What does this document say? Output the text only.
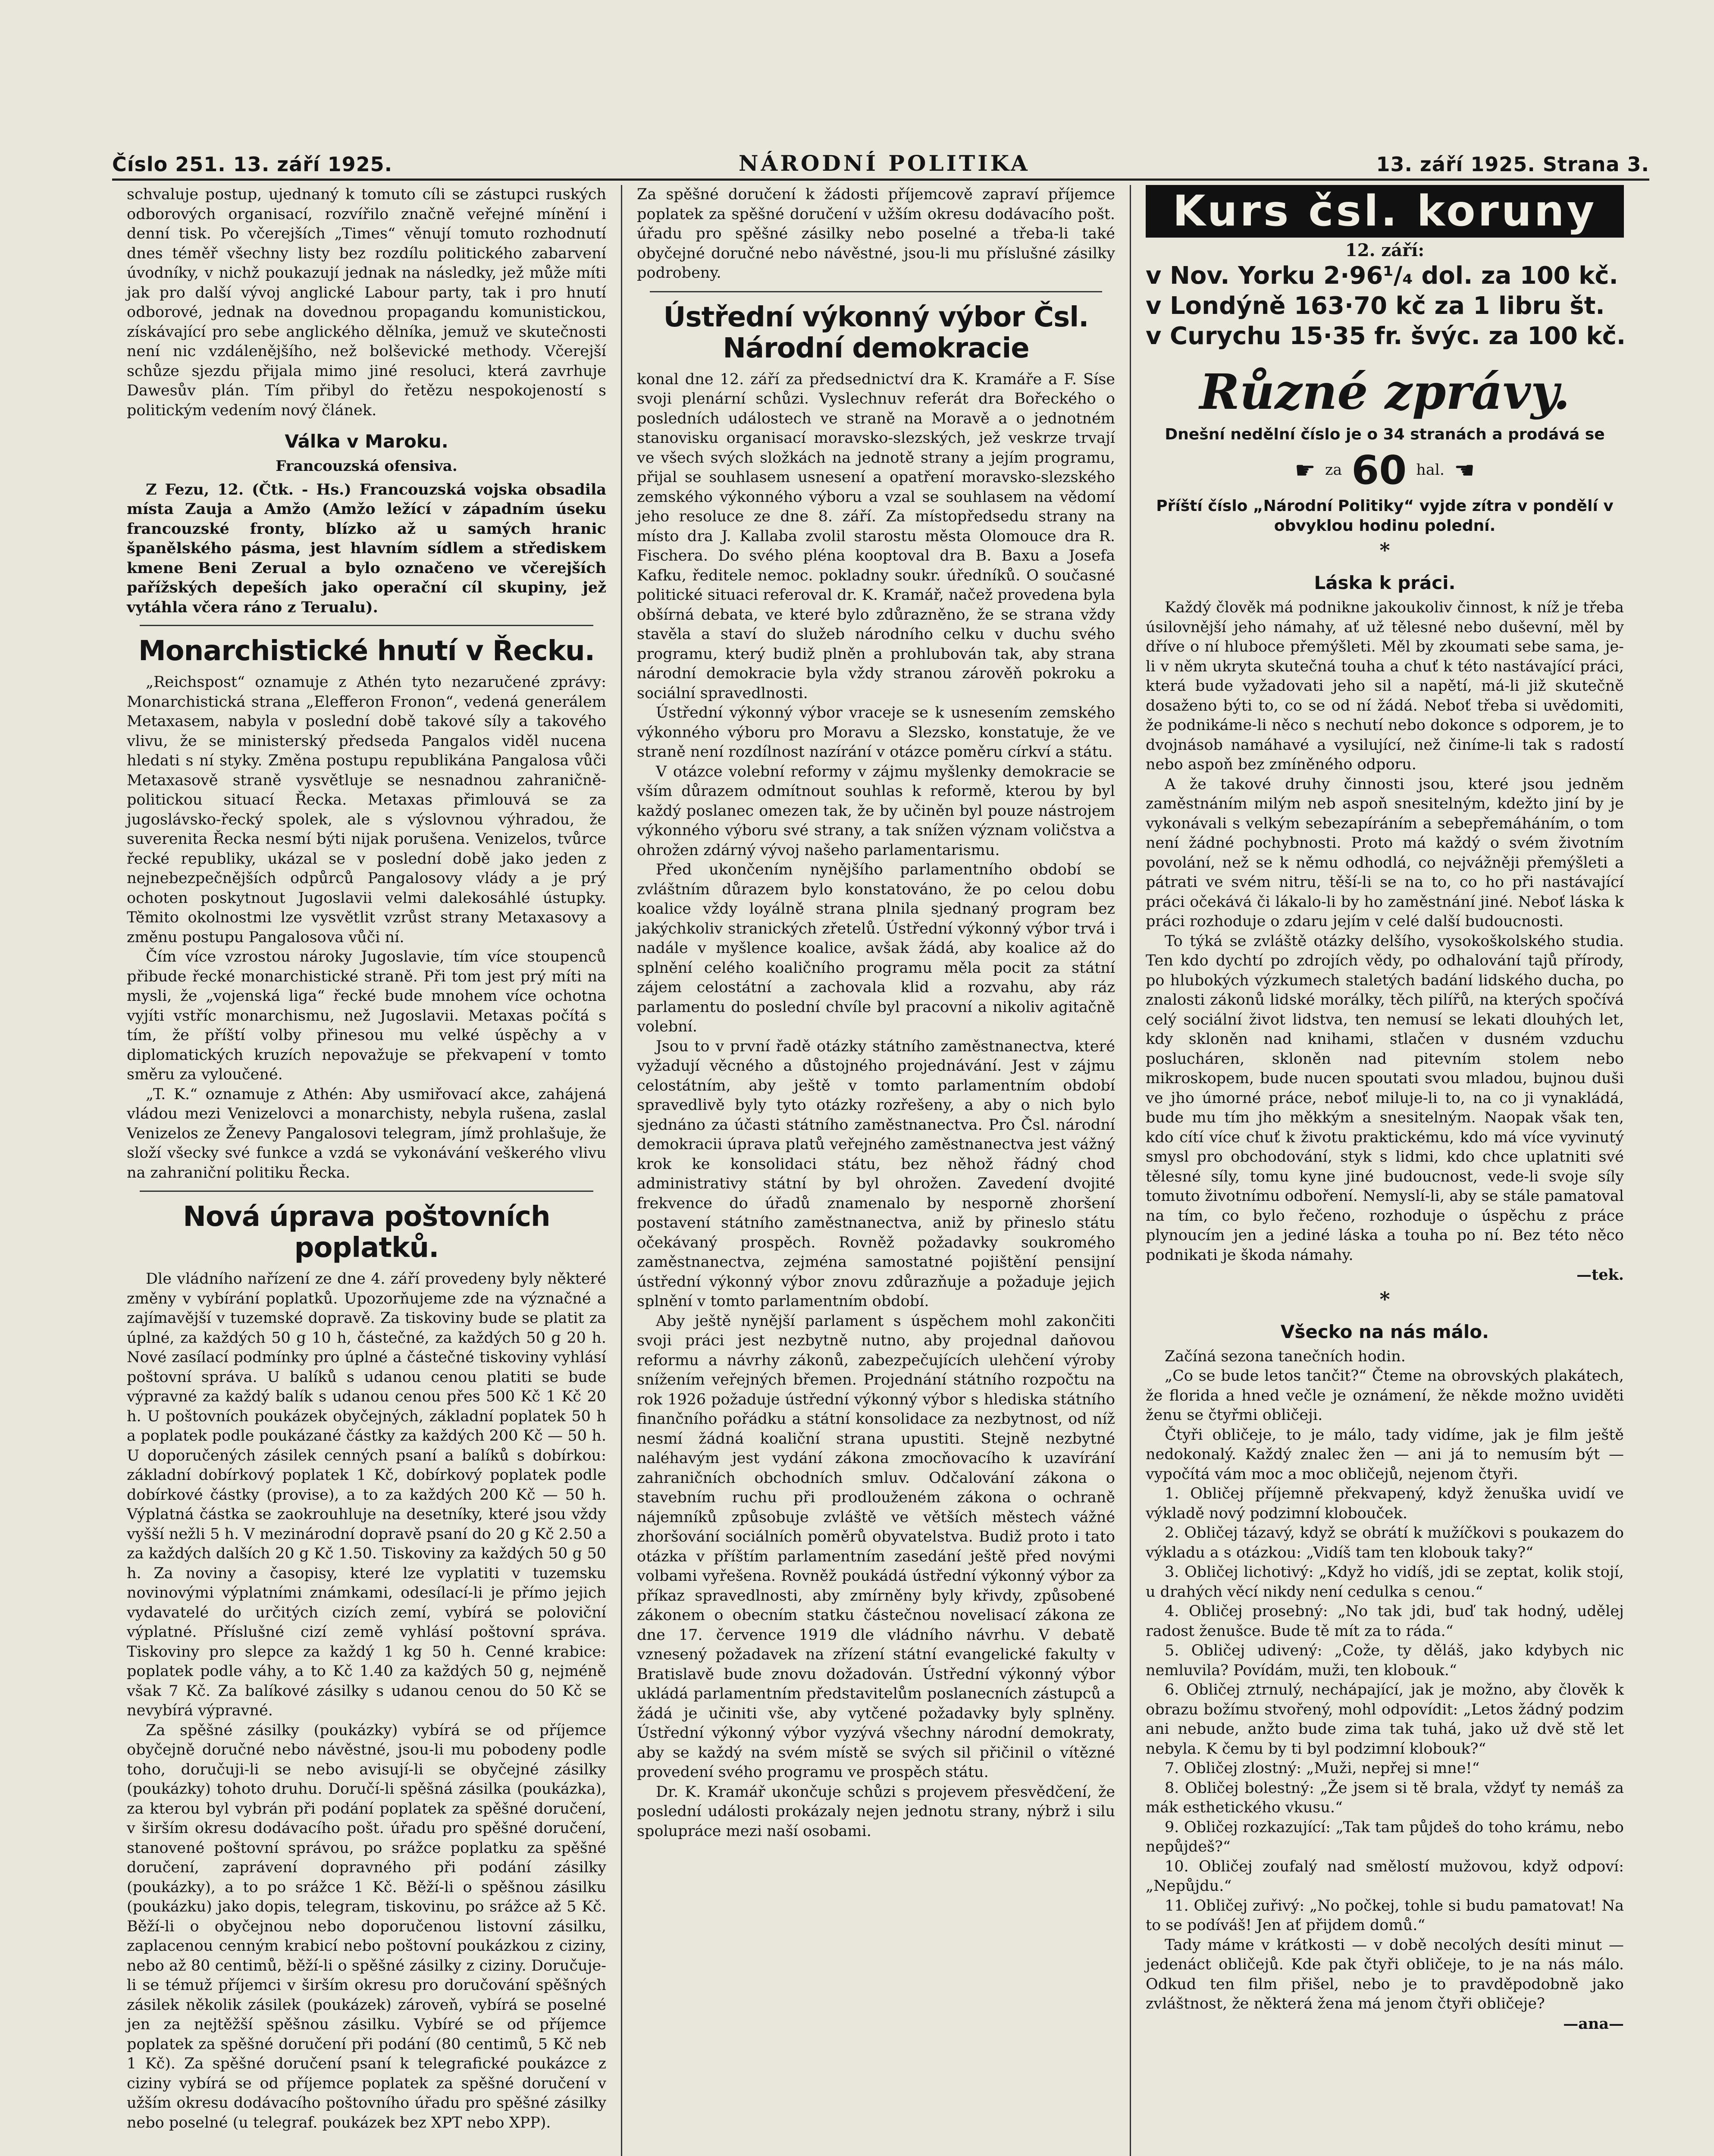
Číslo 251. 13. září 1925.	NÁRODNÍ POLITIKA	13. září 1925. Strana 3.

schvaluje postup, ujednaný k tomuto cíli se zástupci ruských odborových organisací, rozvířilo značně veřejné mínění i denní tisk. Po včerejších „Times“ věnují tomuto rozhodnutí dnes téměř všechny listy bez rozdílu politického zabarvení úvodníky, v nichž poukazují jednak na následky, jež může míti jak pro další vývoj anglické Labour party, tak i pro hnutí odborové, jednak na dovednou propagandu komunistickou, získávající pro sebe anglického dělníka, jemuž ve skutečnosti není nic vzdálenějšího, než bolševické methody. Včerejší schůze sjezdu přijala mimo jiné resoluci, která zavrhuje Dawesův plán. Tím přibyl do řetězu nespokojeností s politickým vedením nový článek.

Válka v Maroku.
Francouzská ofensiva.

Z Fezu, 12. (Čtk. - Hs.) Francouzská vojska obsadila místa Zauja a Amžo (Amžo ležící v západním úseku francouzské fronty, blízko až u samých hranic španělského pásma, jest hlavním sídlem a střediskem kmene Beni Zerual a bylo označeno ve včerejších pařížských depeších jako operační cíl skupiny, jež vytáhla včera ráno z Terualu).

Monarchistické hnutí v Řecku.

„Reichspost“ oznamuje z Athén tyto nezaručené zprávy: Monarchistická strana „Elefferon Fronon“, vedená generálem Metaxasem, nabyla v poslední době takové síly a takového vlivu, že se ministerský předseda Pangalos viděl nucena hledati s ní styky. Změna postupu republikána Pangalosa vůči Metaxasově straně vysvětluje se nesnadnou zahraničně-politickou situací Řecka. Metaxas přimlouvá se za jugoslávsko-řecký spolek, ale s výslovnou výhradou, že suverenita Řecka nesmí býti nijak porušena. Venizelos, tvůrce řecké republiky, ukázal se v poslední době jako jeden z nejnebezpečnějších odpůrců Pangalosovy vlády a je prý ochoten poskytnout Jugoslavii velmi dalekosáhlé ústupky. Těmito okolnostmi lze vysvětlit vzrůst strany Metaxasovy a změnu postupu Pangalosova vůči ní.

Čím více vzrostou nároky Jugoslavie, tím více stoupenců přibude řecké monarchistické straně. Při tom jest prý míti na mysli, že „vojenská liga“ řecké bude mnohem více ochotna vyjíti vstříc monarchismu, než Jugoslavii. Metaxas počítá s tím, že příští volby přinesou mu velké úspěchy a v diplomatických kruzích nepovažuje se překvapení v tomto směru za vyloučené.

„T. K.“ oznamuje z Athén: Aby usmiřovací akce, zahájená vládou mezi Venizelovci a monarchisty, nebyla rušena, zaslal Venizelos ze Ženevy Pangalosovi telegram, jímž prohlašuje, že složí všecky své funkce a vzdá se vykonávání veškerého vlivu na zahraniční politiku Řecka.

Nová úprava poštovních poplatků.

Dle vládního nařízení ze dne 4. září provedeny byly některé změny v vybírání poplatků. Upozorňujeme zde na význačné a zajímavější v tuzemské dopravě. Za tiskoviny bude se platit za úplné, za každých 50 g 10 h, částečné, za každých 50 g 20 h. Nové zasílací podmínky pro úplné a částečné tiskoviny vyhlásí poštovní správa. U balíků s udanou cenou platiti se bude výpravné za každý balík s udanou cenou přes 500 Kč 1 Kč 20 h. U poštovních poukázek obyčejných, základní poplatek 50 h a poplatek podle poukázané částky za každých 200 Kč — 50 h. U doporučených zásilek cenných psaní a balíků s dobírkou: základní dobírkový poplatek 1 Kč, dobírkový poplatek podle dobírkové částky (provise), a to za každých 200 Kč — 50 h. Výplatná částka se zaokrouhluje na desetníky, které jsou vždy vyšší nežli 5 h. V mezinárodní dopravě psaní do 20 g Kč 2.50 a za každých dalších 20 g Kč 1.50. Tiskoviny za každých 50 g 50 h. Za noviny a časopisy, které lze vyplatiti v tuzemsku novinovými výplatními známkami, odesílací-li je přímo jejich vydavatelé do určitých cizích zemí, vybírá se poloviční výplatné. Příslušné cizí země vyhlásí poštovní správa. Tiskoviny pro slepce za každý 1 kg 50 h. Cenné krabice: poplatek podle váhy, a to Kč 1.40 za každých 50 g, nejméně však 7 Kč. Za balíkové zásilky s udanou cenou do 50 Kč se nevybírá výpravné.

Za spěšné zásilky (poukázky) vybírá se od příjemce obyčejně doručné nebo návěstné, jsou-li mu pobodeny podle toho, doručuji-li se nebo avisují-li se obyčejné zásilky (poukázky) tohoto druhu. Doručí-li spěšná zásilka (poukázka), za kterou byl vybrán při podání poplatek za spěšné doručení, v širším okresu dodávacího pošt. úřadu pro spěšné doručení, stanovené poštovní správou, po srážce poplatku za spěšné doručení, zaprávení dopravného při podání zásilky (poukázky), a to po srážce 1 Kč. Běží-li o spěšnou zásilku (poukázku) jako dopis, telegram, tiskovinu, po srážce až 5 Kč. Běží-li o obyčejnou nebo doporučenou listovní zásilku, zaplacenou cenným krabicí nebo poštovní poukázkou z ciziny, nebo až 80 centimů, běží-li o spěšné zásilky z ciziny. Doručuje-li se témuž příjemci v širším okresu pro doručování spěšných zásilek několik zásilek (poukázek) zároveň, vybírá se poselné jen za nejtěžší spěšnou zásilku. Vybíré se od příjemce poplatek za spěšné doručení při podání (80 centimů, 5 Kč neb 1 Kč). Za spěšné doručení psaní k telegrafické poukázce z ciziny vybírá se od příjemce poplatek za spěšné doručení v užším okresu dodávacího poštovního úřadu pro spěšné zásilky nebo poselné (u telegraf. poukázek bez XPT nebo XPP).

Za spěšné doručení k žádosti příjemcově zapraví příjemce poplatek za spěšné doručení v užším okresu dodávacího pošt. úřadu pro spěšné zásilky nebo poselné a třeba-li také obyčejné doručné nebo návěstné, jsou-li mu příslušné zásilky podrobeny.

Ústřední výkonný výbor Čsl. Národní demokracie

konal dne 12. září za předsednictví dra K. Kramáře a F. Sísе svoji plenární schůzi. Vyslechnuv referát dra Bořeckého o posledních událostech ve straně na Moravě a o jednotném stanovisku organisací moravsko-slezských, jež veskrze trvají ve všech svých složkách na jednotě strany a jejím programu, přijal se souhlasem usnesení a opatření moravsko-slezského zemského výkonného výboru a vzal se souhlasem na vědomí jeho resoluce ze dne 8. září. Za místopředsedu strany na místo dra J. Kallaba zvolil starostu města Olomouce dra R. Fischera. Do svého pléna kooptoval dra B. Baxu a Josefa Kafku, ředitele nemoc. pokladny soukr. úředníků. O současné politické situaci referoval dr. K. Kramář, načež provedena byla obšírná debata, ve které bylo zdůrazněno, že se strana vždy stavěla a staví do služeb národního celku v duchu svého programu, který budiž plněn a prohlubován tak, aby strana národní demokracie byla vždy stranou zárověň pokroku a sociální spravedlnosti.

Ústřední výkonný výbor vraceje se k usnesením zemského výkonného výboru pro Moravu a Slezsko, konstatuje, že ve straně není rozdílnost nazírání v otázce poměru církví a státu.

V otázce volební reformy v zájmu myšlenky demokracie se vším důrazem odmítnout souhlas k reformě, kterou by byl každý poslanec omezen tak, že by učiněn byl pouze nástrojem výkonného výboru své strany, a tak snížen význam voličstva a ohrožen zdárný vývoj našeho parlamentarismu.

Před ukončením nynějšího parlamentního období se zvláštním důrazem bylo konstatováno, že po celou dobu koalice vždy loyálně strana plnila sjednaný program bez jakýchkoliv stranických zřetelů. Ústřední výkonný výbor trvá i nadále v myšlence koalice, avšak žádá, aby koalice až do splnění celého koaličního programu měla pocit za státní zájem celostátní a zachovala klid a rozvahu, aby ráz parlamentu do poslední chvíle byl pracovní a nikoliv agitačně volební.

Jsou to v první řadě otázky státního zaměstnanectva, které vyžadují věcného a důstojného projednávání. Jest v zájmu celostátním, aby ještě v tomto parlamentním období spravedlivě byly tyto otázky rozřešeny, a aby o nich bylo sjednáno za účasti státního zaměstnanectva. Pro Čsl. národní demokracii úprava platů veřejného zaměstnanectva jest vážný krok ke konsolidaci státu, bez něhož řádný chod administrativy státní by byl ohrožen. Zavedení dvojité frekvence do úřadů znamenalo by nesporně zhoršení postavení státního zaměstnanectva, aniž by přineslo státu očekávaný prospěch. Rovněž požadavky soukromého zaměstnanectva, zejména samostatné pojištění pensijní ústřední výkonný výbor znovu zdůrazňuje a požaduje jejich splnění v tomto parlamentním období.

Aby ještě nynější parlament s úspěchem mohl zakončiti svoji práci jest nezbytně nutno, aby projednal daňovou reformu a návrhy zákonů, zabezpečujících ulehčení výroby snížením veřejných břemen. Projednání státního rozpočtu na rok 1926 požaduje ústřední výkonný výbor s hlediska státního finančního pořádku a státní konsolidace za nezbytnost, od níž nesmí žádná koaliční strana upustiti. Stejně nezbytné naléhavým jest vydání zákona zmocňovacího k uzavírání zahraničních obchodních smluv. Odčalování zákona o stavebním ruchu při prodlouženém zákona o ochraně nájemníků způsobuje zvláště ve větších městech vážné zhoršování sociálních poměrů obyvatelstva. Budiž proto i tato otázka v příštím parlamentním zasedání ještě před novými volbami vyřešena. Rovněž poukádá ústřední výkonný výbor za příkaz spravedlnosti, aby zmírněny byly křivdy, způsobené zákonem o obecním statku částečnou novelisací zákona ze dne 17. července 1919 dle vládního návrhu. V debatě vznesený požadavek na zřízení státní evangelické fakulty v Bratislavě bude znovu dožadován. Ústřední výkonný výbor ukládá parlamentním představitelům poslanecních zástupců a žádá je učiniti vše, aby vytčené požadavky byly splněny. Ústřední výkonný výbor vyzývá všechny národní demokraty, aby se každý na svém místě se svých sil přičinil o vítězné provedení svého programu ve prospěch státu.

Dr. K. Kramář ukončuje schůzi s projevem přesvědčení, že poslední události prokázaly nejen jednotu strany, nýbrž i silu spolupráce mezi naší osobami.

Kurs čsl. koruny
12. září:
v Nov. Yorku 2·96¹/₄ dol. za 100 kč.
v Londýně 163·70 kč za 1 libru št.
v Curychu 15·35 fr. švýc. za 100 kč.
Různé zprávy.
Dnešní nedělní číslo je o 34 stranách a prodává se
☛ za 60 hal. ☚
Příští číslo „Národní Politiky“ vyjde zítra v pondělí v obvyklou hodinu polední.
*
Láska k práci.

Každý člověk má podnikne jakoukoliv činnost, k níž je třeba úsilovnější jeho námahy, ať už tělesné nebo duševní, měl by dříve o ní hluboce přemýšleti. Měl by zkoumati sebe sama, je-li v něm ukryta skutečná touha a chuť k této nastávající práci, která bude vyžadovati jeho sil a napětí, má-li již skutečně dosaženo býti to, co se od ní žádá. Neboť třeba si uvědomiti, že podnikáme-li něco s nechutí nebo dokonce s odporem, je to dvojnásob namáhavé a vysilující, než činíme-li tak s radostí nebo aspoň bez zmíněného odporu.

A že takové druhy činnosti jsou, které jsou jedněm zaměstnáním milým neb aspoň snesitelným, kdežto jiní by je vykonávali s velkým sebezapíráním a sebepřemáháním, o tom není žádné pochybnosti. Proto má každý o svém životním povolání, než se k němu odhodlá, co nejvážněji přemýšleti a pátrati ve svém nitru, těší-li se na to, co ho při nastávající práci očekává či lákalo-li by ho zaměstnání jiné. Neboť láska k práci rozhoduje o zdaru jejím v celé další budoucnosti.

To týká se zvláště otázky delšího, vysokoškolského studia. Ten kdo dychtí po zdrojích vědy, po odhalování tajů přírody, po hlubokých výzkumech staletých badání lidského ducha, po znalosti zákonů lidské morálky, těch pilířů, na kterých spočívá celý sociální život lidstva, ten nemusí se lekati dlouhých let, kdy skloněn nad knihami, stlačen v dusném vzduchu poslucháren, skloněn nad pitevním stolem nebo mikroskopem, bude nucen spoutati svou mladou, bujnou duši ve jho úmorné práce, neboť miluje-li to, na co ji vynakládá, bude mu tím jho měkkým a snesitelným. Naopak však ten, kdo cítí více chuť k životu praktickému, kdo má více vyvinutý smysl pro obchodování, styk s lidmi, kdo chce uplatniti své tělesné síly, tomu kyne jiné budoucnost, vede-li svoje síly tomuto životnímu odboření. Nemyslí-li, aby se stále pamatoval na tím, co bylo řečeno, rozhoduje o úspěchu z práce plynoucím jen a jediné láska a touha po ní. Bez této něco podnikati je škoda námahy.

—tek.
*
Všecko na nás málo.

Začíná sezona tanečních hodin.

„Co se bude letos tančit?“ Čteme na obrovských plakátech, že florida a hned večle je oznámení, že někde možno uviděti ženu se čtyřmi obličeji.

Čtyři obličeje, to je málo, tady vidíme, jak je film ještě nedokonalý. Každý znalec žen — ani já to nemusím být — vypočítá vám moc a moc obličejů, nejenom čtyři.

1. Obličej příjemně překvapený, když ženuška uvidí ve výkladě nový podzimní klobouček.

2. Obličej tázavý, když se obrátí k mužíčkovi s poukazem do výkladu a s otázkou: „Vidíš tam ten klobouk taky?“

3. Obličej lichotivý: „Když ho vidíš, jdi se zeptat, kolik stojí, u drahých věcí nikdy není cedulka s cenou.“

4. Obličej prosebný: „No tak jdi, buď tak hodný, udělej radost ženušce. Bude tě mít za to ráda.“

5. Obličej udivený: „Cože, ty děláš, jako kdybych nic nemluvila? Povídám, muži, ten klobouk.“

6. Obličej ztrnulý, nechápající, jak je možno, aby člověk k obrazu božímu stvořený, mohl odpovídit: „Letos žádný podzim ani nebude, anžto bude zima tak tuhá, jako už dvě stě let nebyla. K čemu by ti byl podzimní klobouk?“

7. Obličej zlostný: „Muži, nepřej si mne!“

8. Obličej bolestný: „Že jsem si tě brala, vždyť ty nemáš za mák esthetického vkusu.“

9. Obličej rozkazující: „Tak tam půjdeš do toho krámu, nebo nepůjdeš?“

10. Obličej zoufalý nad smělostí mužovou, když odpoví: „Nepůjdu.“

11. Obličej zuřivý: „No počkej, tohle si budu pamatovat! Na to se podíváš! Jen ať přijdem domů.“

Tady máme v krátkosti — v době necolých desíti minut — jedenáct obličejů. Kde pak čtyři obličeje, to je na nás málo. Odkud ten film přišel, nebo je to pravděpodobně jako zvláštnost, že některá žena má jenom čtyři obličeje?

—ana—
